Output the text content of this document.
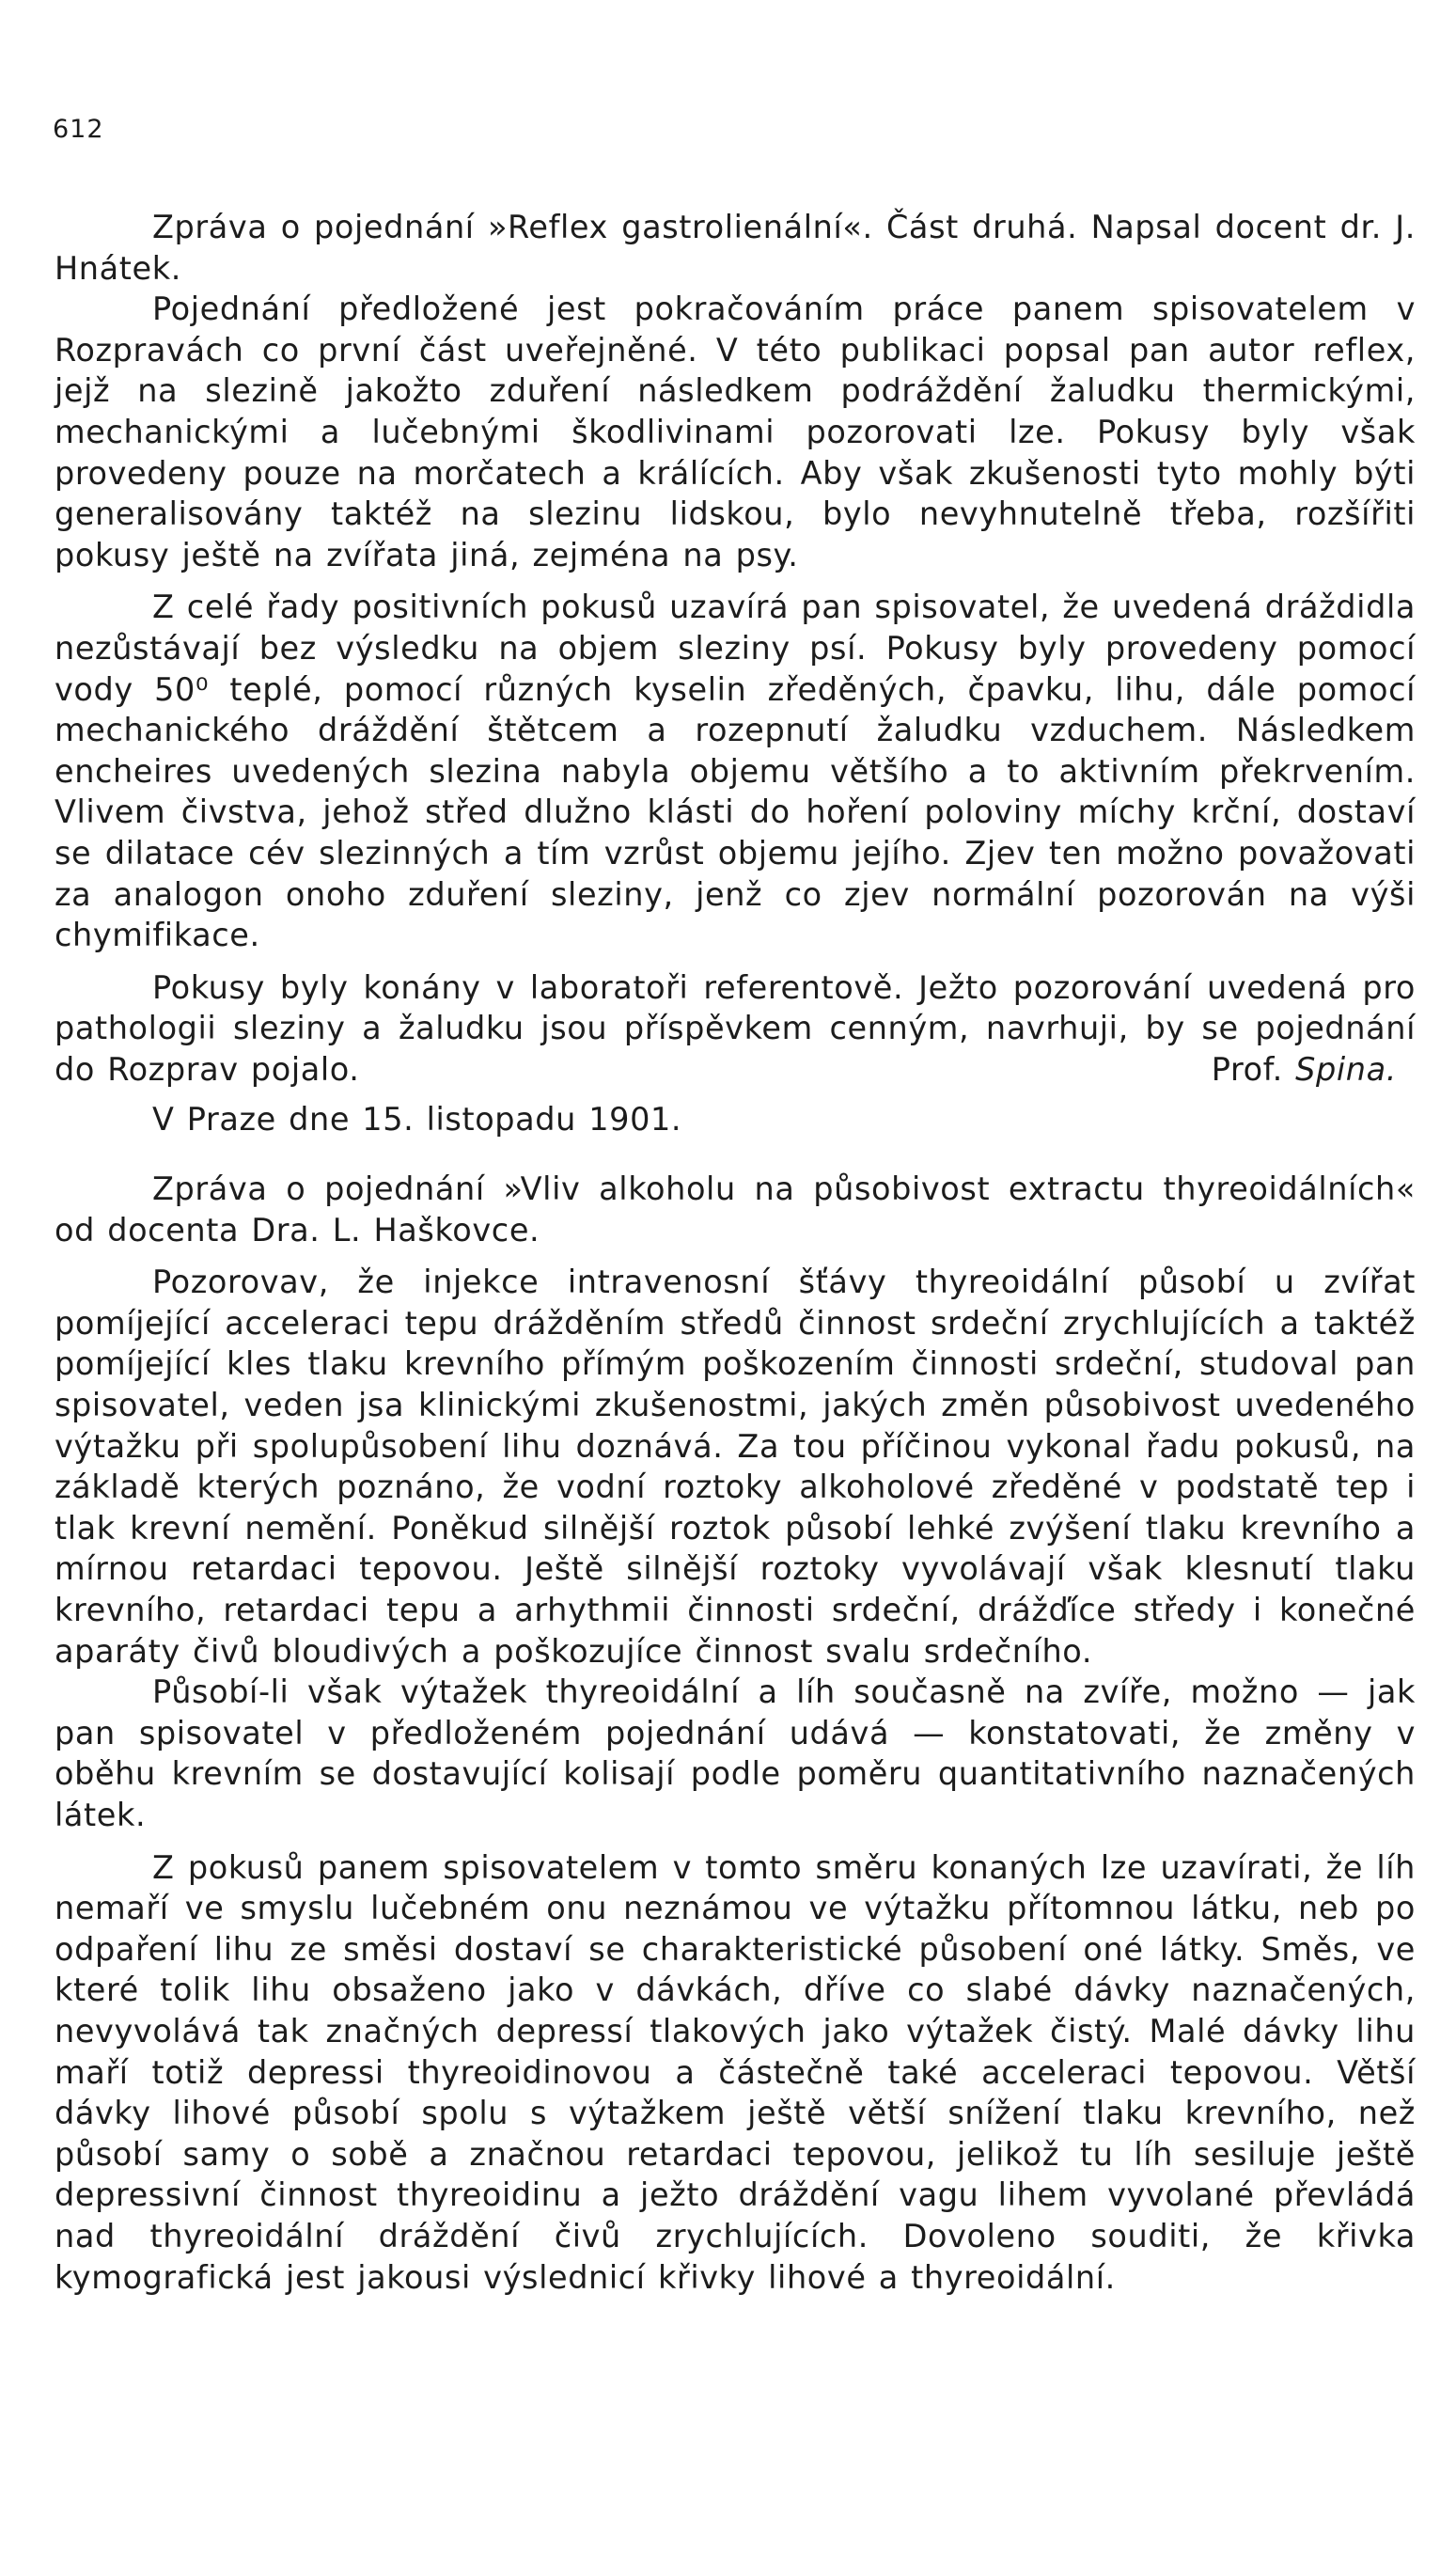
612

Zpráva o pojednání »Reflex gastrolienální«. Část druhá. Napsal docent dr. J. Hnátek.

Pojednání předložené jest pokračováním práce panem spisovatelem v Rozpravách co první část uveřejněné. V této publikaci popsal pan autor reflex, jejž na slezině jakožto zduření následkem podráždění žaludku thermickými, mechanickými a lučebnými škodlivinami pozorovati lze. Pokusy byly však provedeny pouze na morčatech a králících. Aby však zkušenosti tyto mohly býti generalisovány taktéž na slezinu lidskou, bylo nevyhnutelně třeba, rozšířiti pokusy ještě na zvířata jiná, zejména na psy.

Z celé řady positivních pokusů uzavírá pan spisovatel, že uvedená dráždidla nezůstávají bez výsledku na objem sleziny psí. Pokusy byly provedeny pomocí vody 50⁰ teplé, pomocí různých kyselin zředěných, čpavku, lihu, dále pomocí mechanického dráždění štětcem a rozepnutí žaludku vzduchem. Následkem encheires uvedených slezina nabyla objemu většího a to aktivním překrvením. Vlivem čivstva, jehož střed dlužno klásti do hoření poloviny míchy krční, dostaví se dilatace cév slezinných a tím vzrůst objemu jejího. Zjev ten možno považovati za analogon onoho zduření sleziny, jenž co zjev normální pozorován na výši chymifikace.

Pokusy byly konány v laboratoři referentově. Ježto pozorování uvedená pro pathologii sleziny a žaludku jsou příspěvkem cenným, navrhuji, by se pojednání do Rozprav pojalo.	Prof. Spina.

V Praze dne 15. listopadu 1901.

Zpráva o pojednání »Vliv alkoholu na působivost extractu thyreoidálních« od docenta Dra. L. Haškovce.

Pozorovav, že injekce intravenosní šťávy thyreoidální působí u zvířat pomíjející acceleraci tepu drážděním středů činnost srdeční zrychlujících a taktéž pomíjející kles tlaku krevního přímým poškozením činnosti srdeční, studoval pan spisovatel, veden jsa klinickými zkušenostmi, jakých změn působivost uvedeného výtažku při spolupůsobení lihu doznává. Za tou příčinou vykonal řadu pokusů, na základě kterých poznáno, že vodní roztoky alkoholové zředěné v podstatě tep i tlak krevní nemění. Poněkud silnější roztok působí lehké zvýšení tlaku krevního a mírnou retardaci tepovou. Ještě silnější roztoky vyvolávají však klesnutí tlaku krevního, retardaci tepu a arhythmii činnosti srdeční, drážďíce středy i konečné aparáty čivů bloudivých a poškozujíce činnost svalu srdečního.

Působí-li však výtažek thyreoidální a líh současně na zvíře, možno — jak pan spisovatel v předloženém pojednání udává — konstatovati, že změny v oběhu krevním se dostavující kolisají podle poměru quantitativního naznačených látek.

Z pokusů panem spisovatelem v tomto směru konaných lze uzavírati, že líh nemaří ve smyslu lučebném onu neznámou ve výtažku přítomnou látku, neb po odpaření lihu ze směsi dostaví se charakteristické působení oné látky. Směs, ve které tolik lihu obsaženo jako v dávkách, dříve co slabé dávky naznačených, nevyvolává tak značných depressí tlakových jako výtažek čistý. Malé dávky lihu maří totiž depressi thyreoidinovou a částečně také acceleraci tepovou. Větší dávky lihové působí spolu s výtažkem ještě větší snížení tlaku krevního, než působí samy o sobě a značnou retardaci tepovou, jelikož tu líh sesiluje ještě depressivní činnost thyreoidinu a ježto dráždění vagu lihem vyvolané převládá nad thyreoidální dráždění čivů zrychlujících. Dovoleno souditi, že křivka kymografická jest jakousi výslednicí křivky lihové a thyreoidální.
